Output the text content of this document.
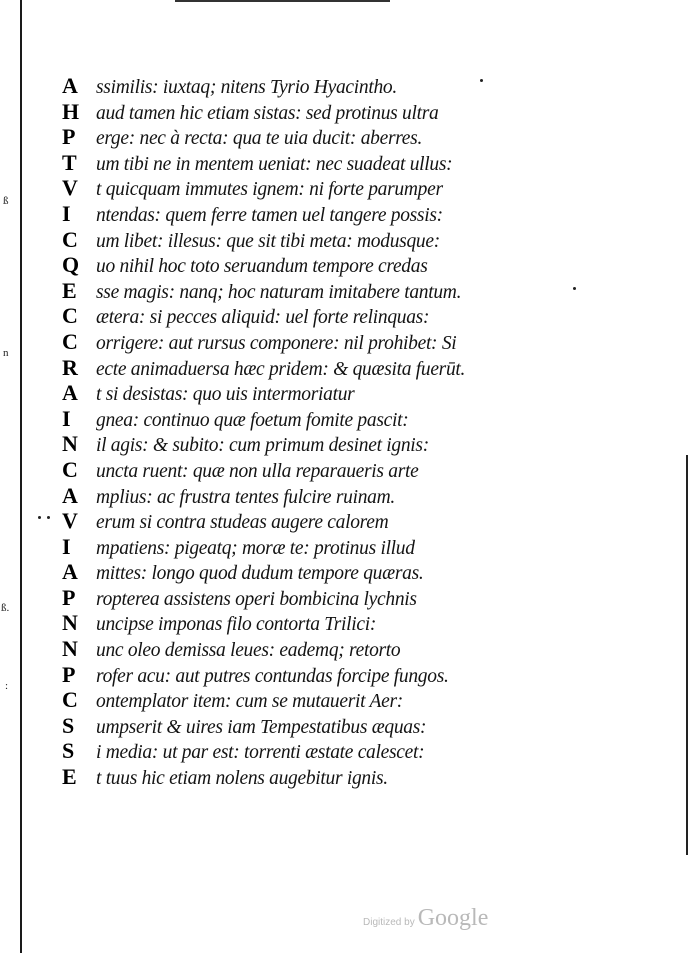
ß
n
ß.
:
A ssimilis: iuxtaq; nitens Tyrio Hyacintho.
H aud tamen hic etiam sistas: sed protinus ultra
P	erge: nec à recta: qua te uia ducit: aberres.
T um tibi ne in mentem ueniat: nec suadeat ullus:
V t quicquam immutes ignem: ni forte parumper
I	ntendas: quem ferre tamen uel tangere possis:
C um libet: illesus: que sit tibi meta: modusque:
Q uo nihil hoc toto seruandum tempore credas
E sse magis: nanq; hoc naturam imitabere tantum.
C ætera: si pecces aliquid: uel forte relinquas:
C orrigere: aut rursus componere: nil prohibet: Si
R ecte animaduersa hæc pridem: & quæsita fuerūt.
A t si desistas: quo uis intermoriatur
I	gnea: continuo quæ foetum fomite pascit:
N il agis: & subito: cum primum desinet ignis:
C uncta ruent: quæ non ulla reparaueris arte
A mplius: ac frustra tentes fulcire ruinam.
V erum si contra studeas augere calorem
I	mpatiens: pigeatq; moræ te: protinus illud
A mittes: longo quod dudum tempore quæras.
P	ropterea assistens operi bombicina lychnis
N uncipse imponas filo contorta Trilici:
N unc oleo demissa leues: eademq; retorto
P	rofer acu: aut putres contundas forcipe fungos.
C ontemplator item: cum se mutauerit Aer:
S	umpserit & uires iam Tempestatibus æquas:
S	i media: ut par est: torrenti æstate calescet:
E t tuus hic etiam nolens augebitur ignis.
Digitized by Google
